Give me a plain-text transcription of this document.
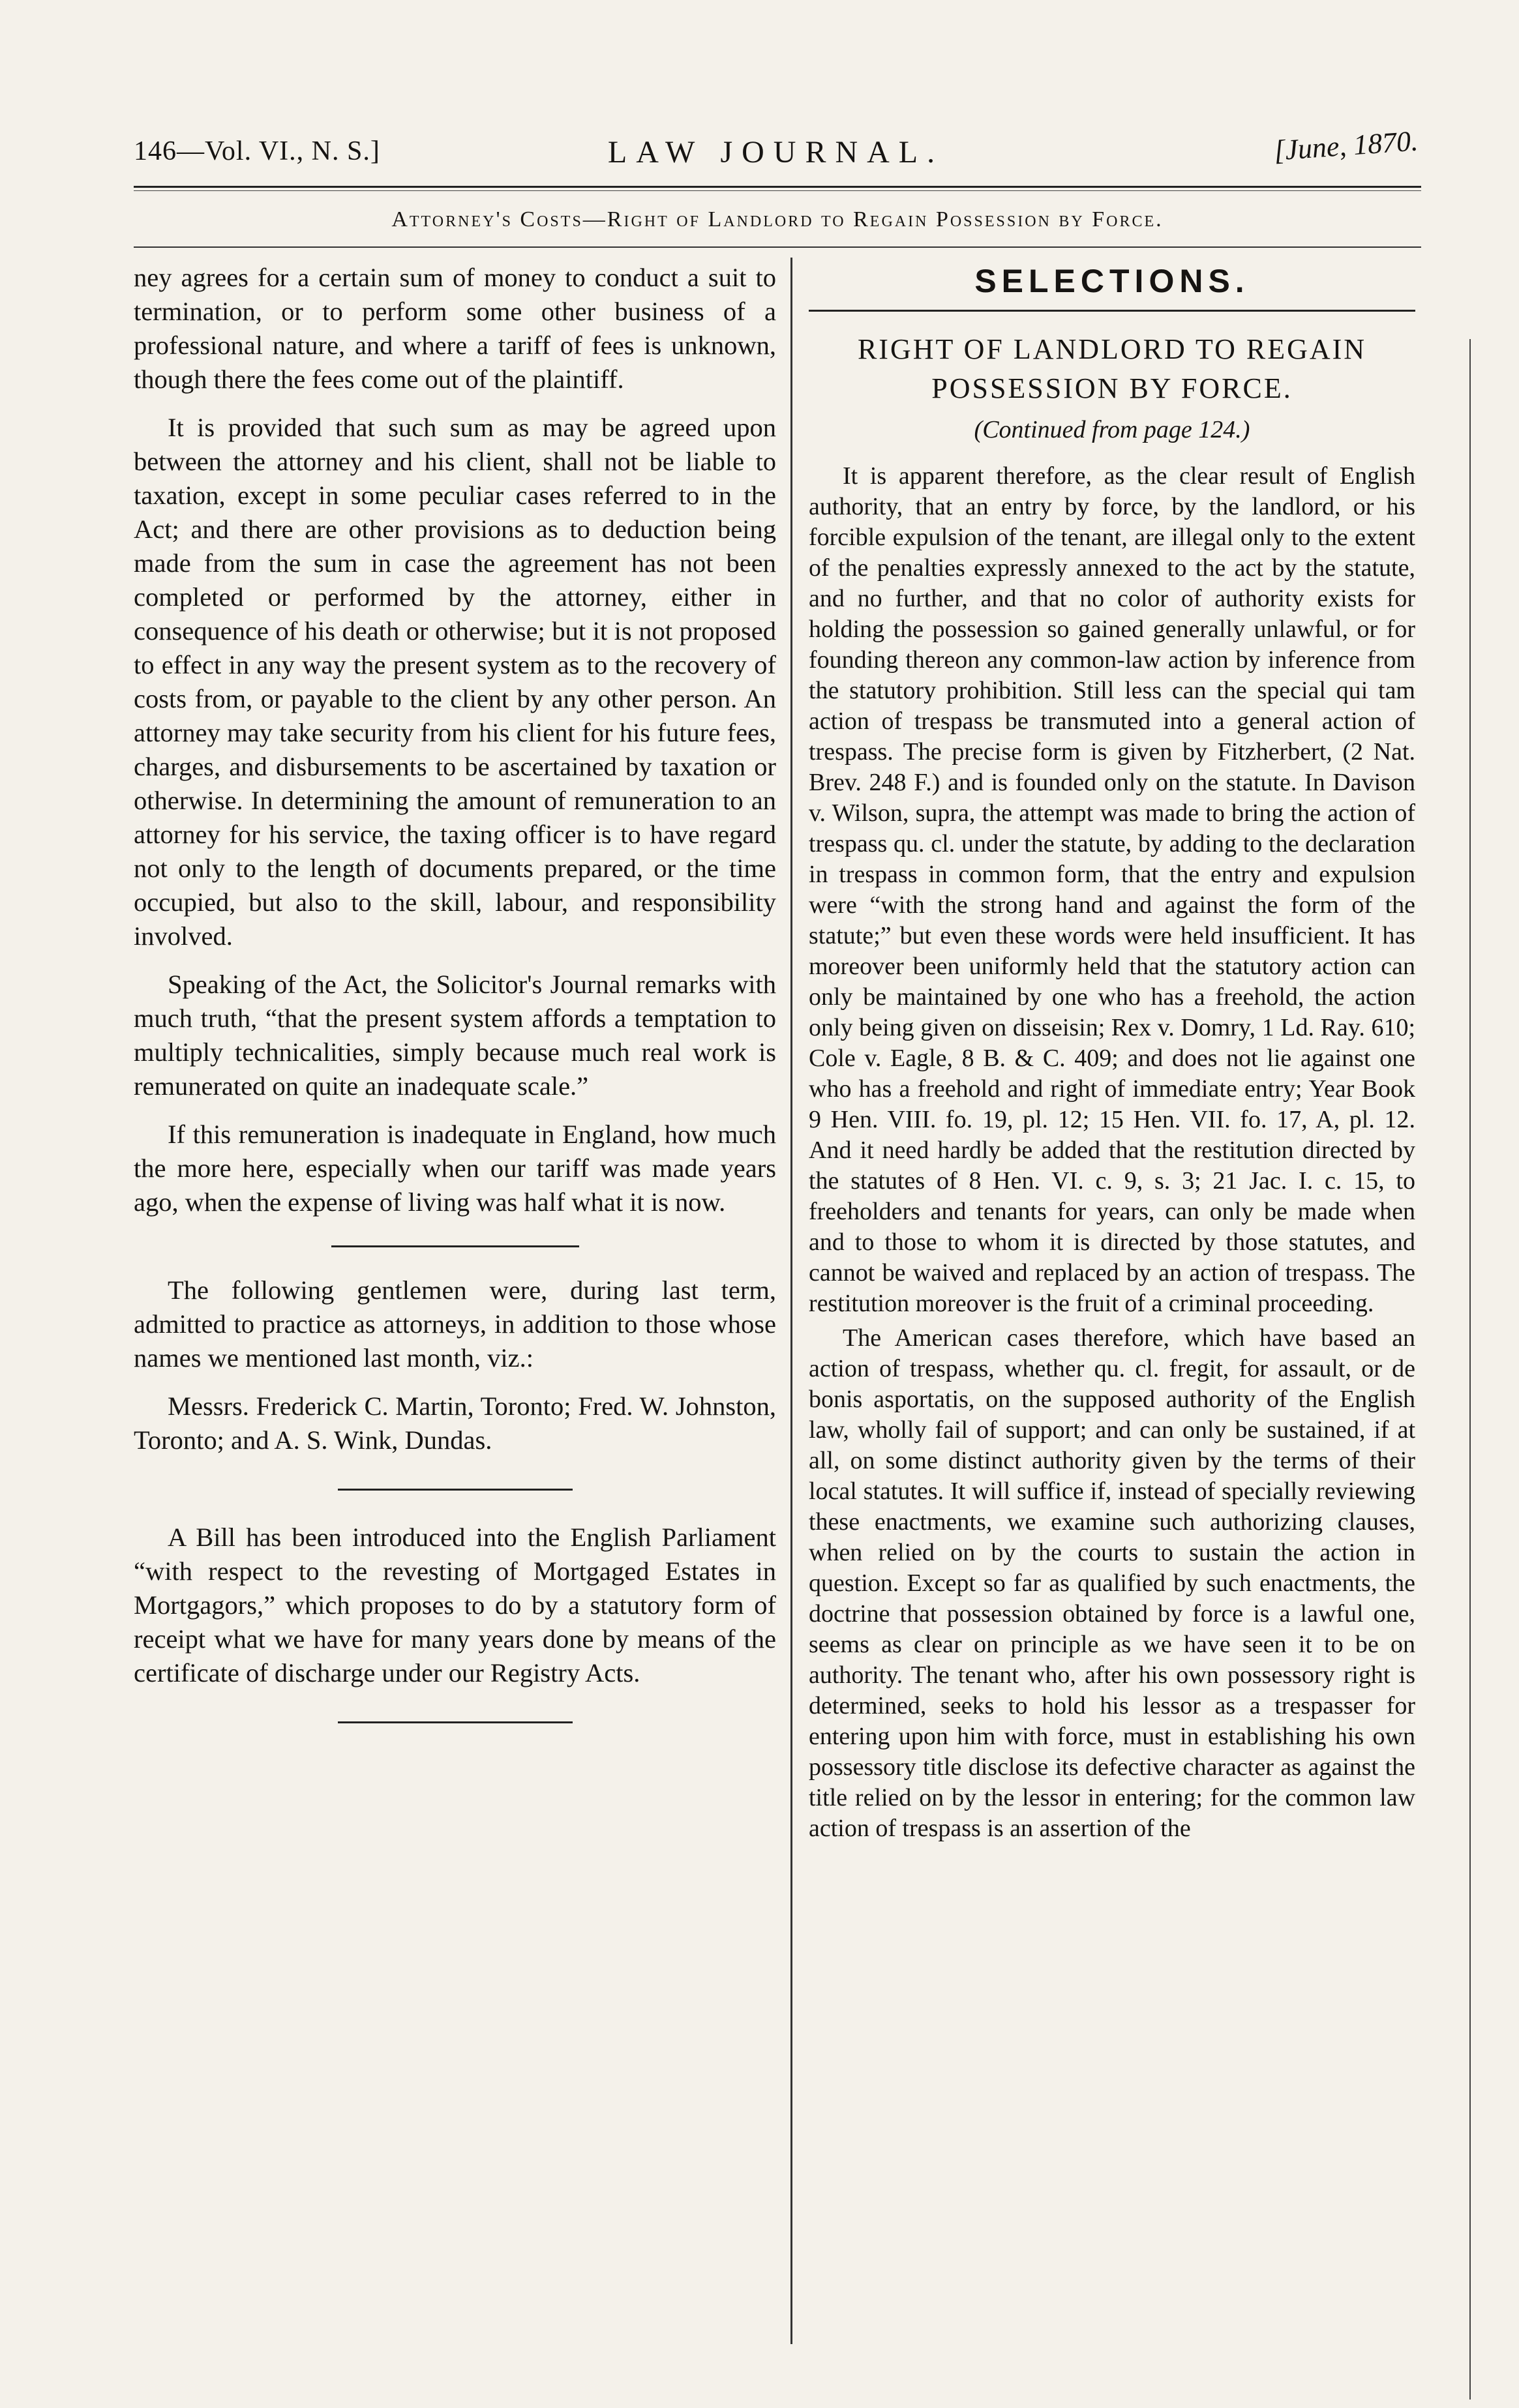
146—Vol. VI., N. S.]	LAW JOURNAL.	[June, 1870.
Attorney's Costs—Right of Landlord to Regain Possession by Force.

ney agrees for a certain sum of money to conduct a suit to termination, or to perform some other business of a professional nature, and where a tariff of fees is unknown, though there the fees come out of the plaintiff.

It is provided that such sum as may be agreed upon between the attorney and his client, shall not be liable to taxation, except in some peculiar cases referred to in the Act; and there are other provisions as to deduction being made from the sum in case the agreement has not been completed or performed by the attorney, either in consequence of his death or otherwise; but it is not proposed to effect in any way the present system as to the recovery of costs from, or payable to the client by any other person. An attorney may take security from his client for his future fees, charges, and disbursements to be ascertained by taxation or otherwise. In determining the amount of remuneration to an attorney for his service, the taxing officer is to have regard not only to the length of documents prepared, or the time occupied, but also to the skill, labour, and responsibility involved.

Speaking of the Act, the Solicitor's Journal remarks with much truth, “that the present system affords a temptation to multiply technicalities, simply because much real work is remunerated on quite an inadequate scale.”

If this remuneration is inadequate in England, how much the more here, especially when our tariff was made years ago, when the expense of living was half what it is now.

The following gentlemen were, during last term, admitted to practice as attorneys, in addition to those whose names we mentioned last month, viz.:

Messrs. Frederick C. Martin, Toronto; Fred. W. Johnston, Toronto; and A. S. Wink, Dundas.

A Bill has been introduced into the English Parliament “with respect to the revesting of Mortgaged Estates in Mortgagors,” which proposes to do by a statutory form of receipt what we have for many years done by means of the certificate of discharge under our Registry Acts.

SELECTIONS.
RIGHT OF LANDLORD TO REGAIN
POSSESSION BY FORCE.
(Continued from page 124.)

It is apparent therefore, as the clear result of English authority, that an entry by force, by the landlord, or his forcible expulsion of the tenant, are illegal only to the extent of the penalties expressly annexed to the act by the statute, and no further, and that no color of authority exists for holding the possession so gained generally unlawful, or for founding thereon any common-law action by inference from the statutory prohibition. Still less can the special qui tam action of trespass be transmuted into a general action of trespass. The precise form is given by Fitzherbert, (2 Nat. Brev. 248 F.) and is founded only on the statute. In Davison v. Wilson, supra, the attempt was made to bring the action of trespass qu. cl. under the statute, by adding to the declaration in trespass in common form, that the entry and expulsion were “with the strong hand and against the form of the statute;” but even these words were held insufficient. It has moreover been uniformly held that the statutory action can only be maintained by one who has a freehold, the action only being given on disseisin; Rex v. Domry, 1 Ld. Ray. 610; Cole v. Eagle, 8 B. & C. 409; and does not lie against one who has a freehold and right of immediate entry; Year Book 9 Hen. VIII. fo. 19, pl. 12; 15 Hen. VII. fo. 17, A, pl. 12. And it need hardly be added that the restitution directed by the statutes of 8 Hen. VI. c. 9, s. 3; 21 Jac. I. c. 15, to freeholders and tenants for years, can only be made when and to those to whom it is directed by those statutes, and cannot be waived and replaced by an action of trespass. The restitution moreover is the fruit of a criminal proceeding.

The American cases therefore, which have based an action of trespass, whether qu. cl. fregit, for assault, or de bonis asportatis, on the supposed authority of the English law, wholly fail of support; and can only be sustained, if at all, on some distinct authority given by the terms of their local statutes. It will suffice if, instead of specially reviewing these enactments, we examine such authorizing clauses, when relied on by the courts to sustain the action in question. Except so far as qualified by such enactments, the doctrine that possession obtained by force is a lawful one, seems as clear on principle as we have seen it to be on authority. The tenant who, after his own possessory right is determined, seeks to hold his lessor as a trespasser for entering upon him with force, must in establishing his own possessory title disclose its defective character as against the title relied on by the lessor in entering; for the common law action of trespass is an assertion of the
